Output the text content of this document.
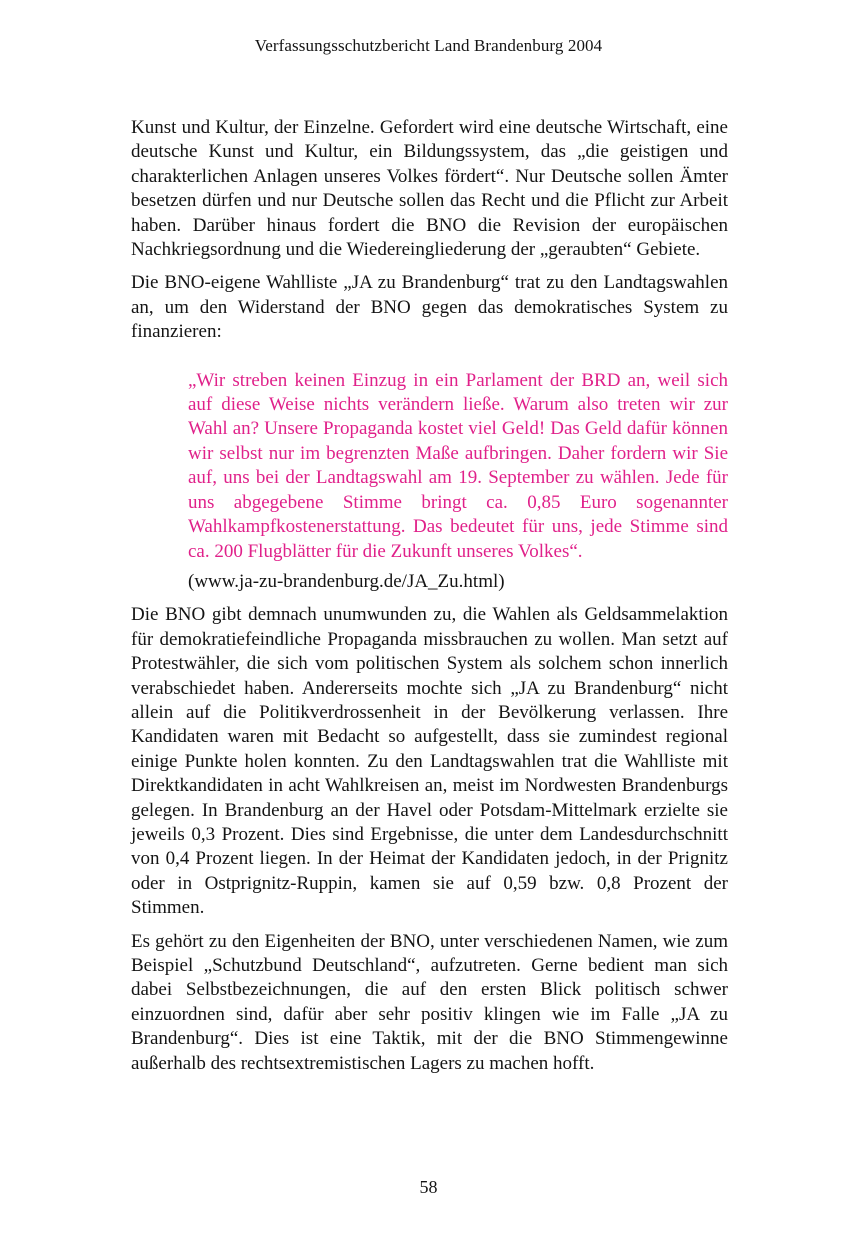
Verfassungsschutzbericht Land Brandenburg 2004

Kunst und Kultur, der Einzelne. Gefordert wird eine deutsche Wirtschaft, eine deutsche Kunst und Kultur, ein Bildungssystem, das „die geistigen und charakterlichen Anlagen unseres Volkes fördert“. Nur Deutsche sollen Ämter besetzen dürfen und nur Deutsche sollen das Recht und die Pflicht zur Arbeit haben. Darüber hinaus fordert die BNO die Revision der europäischen Nachkriegsordnung und die Wiedereingliederung der „geraubten“ Gebiete.

Die BNO-eigene Wahlliste „JA zu Brandenburg“ trat zu den Landtagswahlen an, um den Widerstand der BNO gegen das demokratisches System zu finanzieren:

„Wir streben keinen Einzug in ein Parlament der BRD an, weil sich auf diese Weise nichts verändern ließe. Warum also treten wir zur Wahl an? Unsere Propaganda kostet viel Geld! Das Geld dafür können wir selbst nur im begrenzten Maße aufbringen. Daher fordern wir Sie auf, uns bei der Landtagswahl am 19. September zu wählen. Jede für uns abgegebene Stimme bringt ca. 0,85 Euro sogenannter Wahlkampfkostenerstattung. Das bedeutet für uns, jede Stimme sind ca. 200 Flugblätter für die Zukunft unseres Volkes“.

(www.ja-zu-brandenburg.de/JA_Zu.html)

Die BNO gibt demnach unumwunden zu, die Wahlen als Geldsammelaktion für demokratiefeindliche Propaganda missbrauchen zu wollen. Man setzt auf Protestwähler, die sich vom politischen System als solchem schon innerlich verabschiedet haben. Andererseits mochte sich „JA zu Brandenburg“ nicht allein auf die Politikverdrossenheit in der Bevölkerung verlassen. Ihre Kandidaten waren mit Bedacht so aufgestellt, dass sie zumindest regional einige Punkte holen konnten. Zu den Landtagswahlen trat die Wahlliste mit Direktkandidaten in acht Wahlkreisen an, meist im Nordwesten Brandenburgs gelegen. In Brandenburg an der Havel oder Potsdam-Mittelmark erzielte sie jeweils 0,3 Prozent. Dies sind Ergebnisse, die unter dem Landesdurchschnitt von 0,4 Prozent liegen. In der Heimat der Kandidaten jedoch, in der Prignitz oder in Ostprignitz-Ruppin, kamen sie auf 0,59 bzw. 0,8 Prozent der Stimmen.

Es gehört zu den Eigenheiten der BNO, unter verschiedenen Namen, wie zum Beispiel „Schutzbund Deutschland“, aufzutreten. Gerne bedient man sich dabei Selbstbezeichnungen, die auf den ersten Blick politisch schwer einzuordnen sind, dafür aber sehr positiv klingen wie im Falle „JA zu Brandenburg“. Dies ist eine Taktik, mit der die BNO Stimmengewinne außerhalb des rechtsextremistischen Lagers zu machen hofft.

58
